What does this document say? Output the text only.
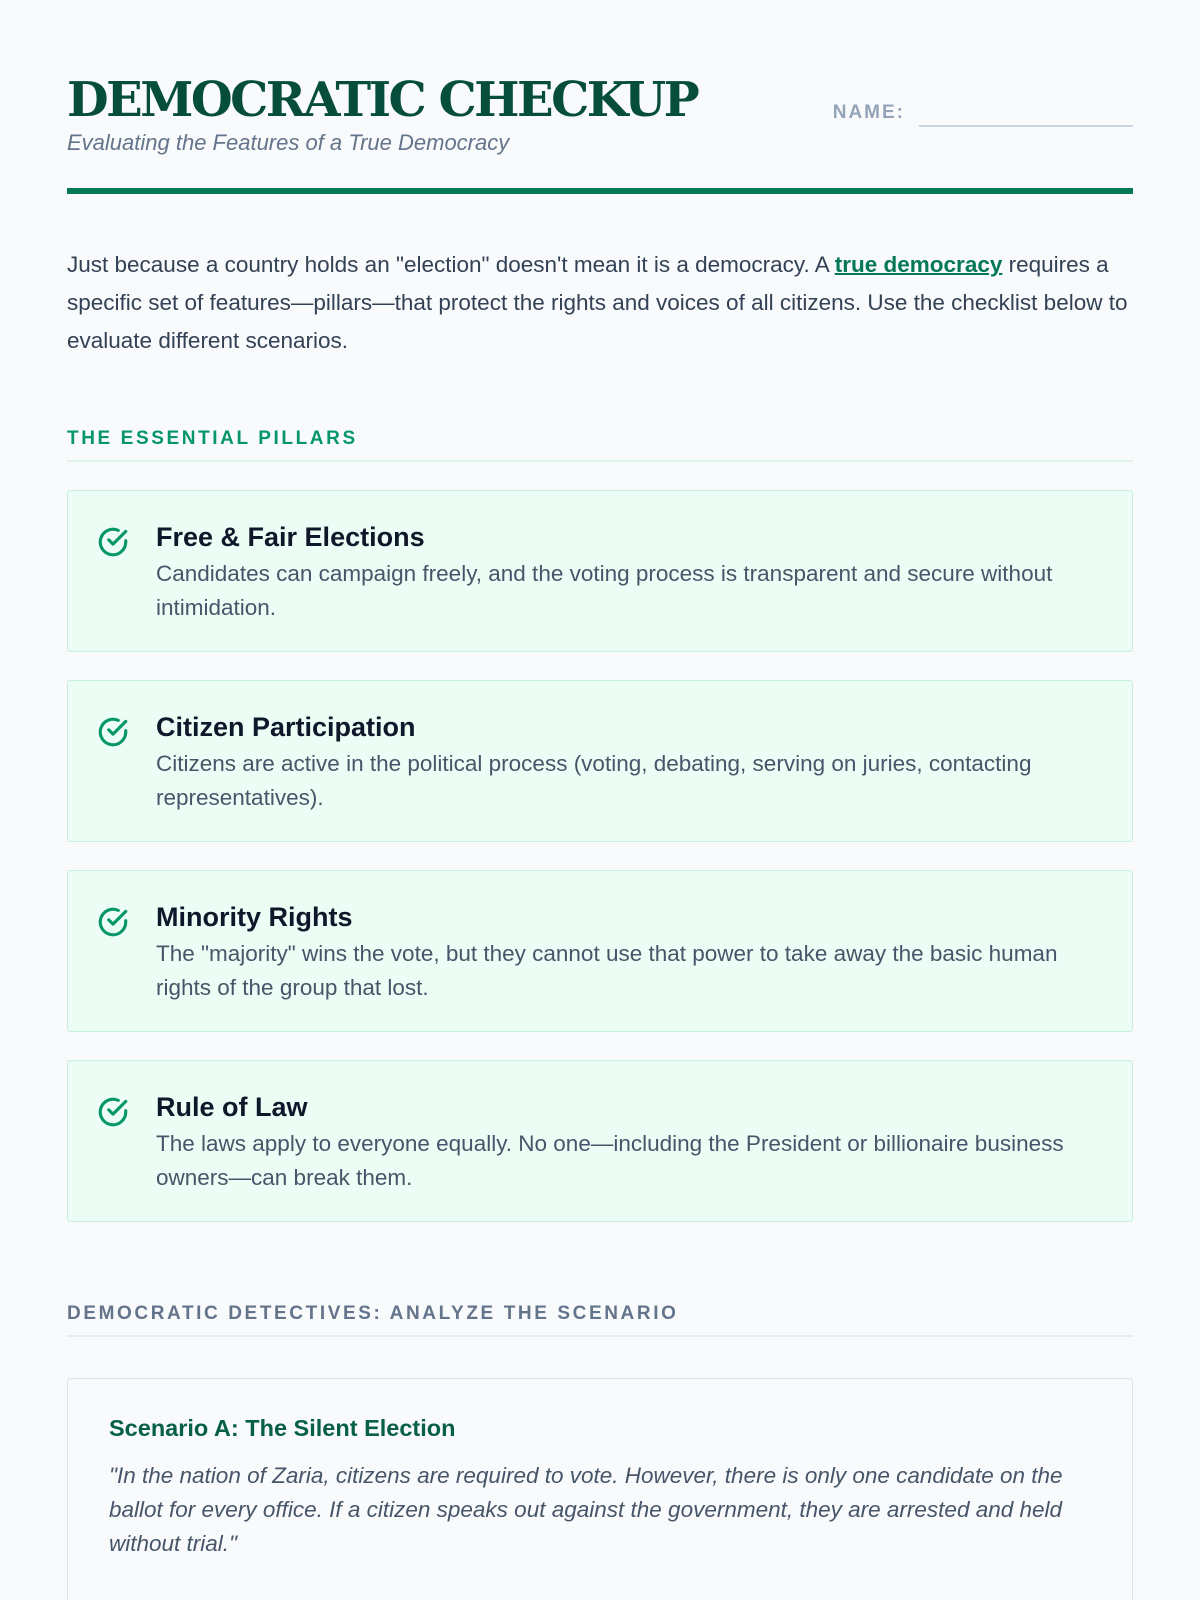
DEMOCRATIC CHECKUP
Evaluating the Features of a True Democracy
NAME:

Just because a country holds an "election" doesn't mean it is a democracy. A true democracy requires a specific set of features—pillars—that protect the rights and voices of all citizens. Use the checklist below to evaluate different scenarios.

THE ESSENTIAL PILLARS
Free & Fair Elections
Candidates can campaign freely, and the voting process is transparent and secure without intimidation.
Citizen Participation
Citizens are active in the political process (voting, debating, serving on juries, contacting representatives).
Minority Rights
The "majority" wins the vote, but they cannot use that power to take away the basic human rights of the group that lost.
Rule of Law
The laws apply to everyone equally. No one—including the President or billionaire business owners—can break them.
DEMOCRATIC DETECTIVES: ANALYZE THE SCENARIO
Scenario A: The Silent Election
"In the nation of Zaria, citizens are required to vote. However, there is only one candidate on the ballot for every office. If a citizen speaks out against the government, they are arrested and held without trial."
